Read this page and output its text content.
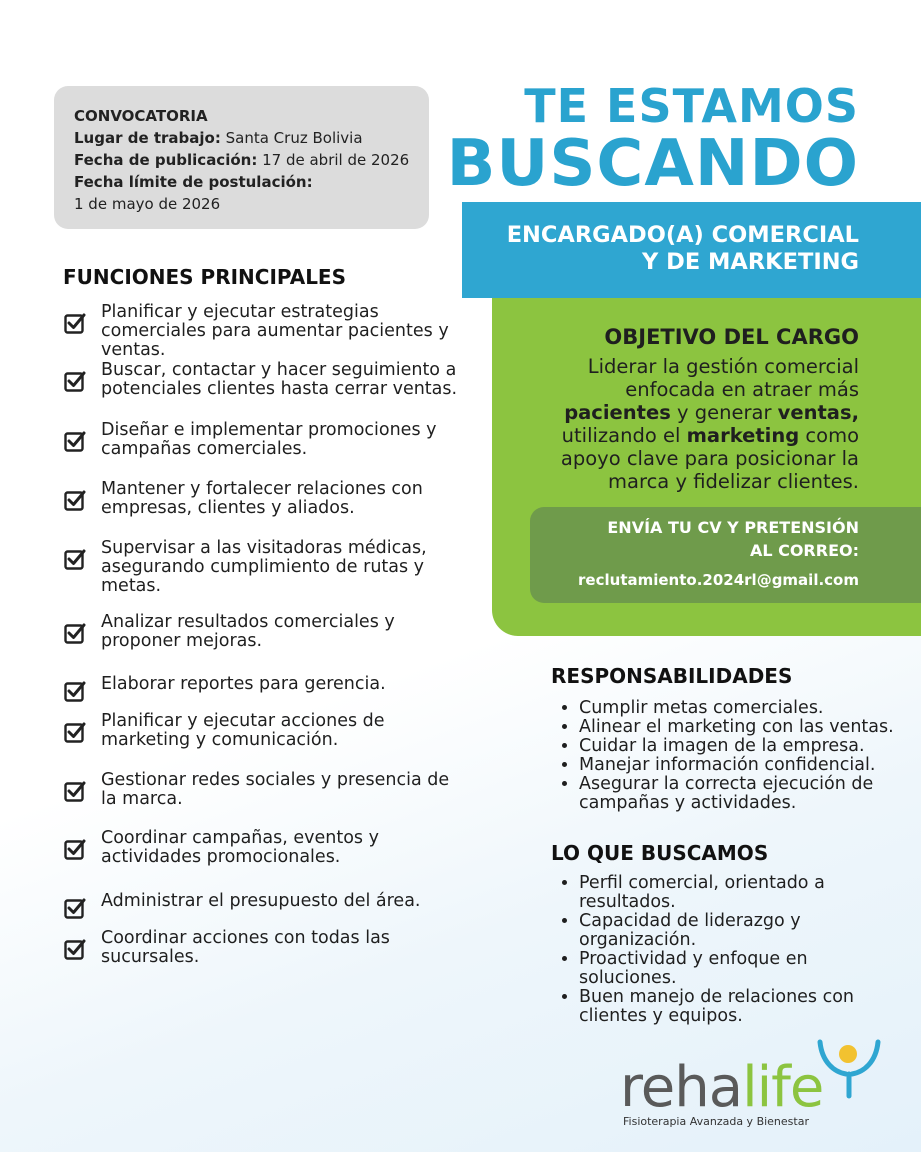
CONVOCATORIA
Lugar de trabajo: Santa Cruz Bolivia
Fecha de publicación: 17 de abril de 2026
Fecha límite de postulación:
1 de mayo de 2026
TE ESTAMOS
BUSCANDO
ENCARGADO(A) COMERCIAL
Y DE MARKETING
OBJETIVO DEL CARGO
Liderar la gestión comercial enfocada en atraer más pacientes y generar ventas, utilizando el marketing como apoyo clave para posicionar la marca y fidelizar clientes.
ENVÍA TU CV Y PRETENSIÓN
AL CORREO:
reclutamiento.2024rl@gmail.com
FUNCIONES PRINCIPALES
Planificar y ejecutar estrategias comerciales para aumentar pacientes y ventas.
Buscar, contactar y hacer seguimiento a potenciales clientes hasta cerrar ventas.
Diseñar e implementar promociones y campañas comerciales.
Mantener y fortalecer relaciones con empresas, clientes y aliados.
Supervisar a las visitadoras médicas, asegurando cumplimiento de rutas y metas.
Analizar resultados comerciales y proponer mejoras.
Elaborar reportes para gerencia.
Planificar y ejecutar acciones de marketing y comunicación.
Gestionar redes sociales y presencia de la marca.
Coordinar campañas, eventos y actividades promocionales.
Administrar el presupuesto del área.
Coordinar acciones con todas las sucursales.
RESPONSABILIDADES
• Cumplir metas comerciales.
• Alinear el marketing con las ventas.
• Cuidar la imagen de la empresa.
• Manejar información confidencial.
• Asegurar la correcta ejecución de campañas y actividades.
LO QUE BUSCAMOS
• Perfil comercial, orientado a resultados.
• Capacidad de liderazgo y organización.
• Proactividad y enfoque en soluciones.
• Buen manejo de relaciones con clientes y equipos.
rehalife
Fisioterapia Avanzada y Bienestar
